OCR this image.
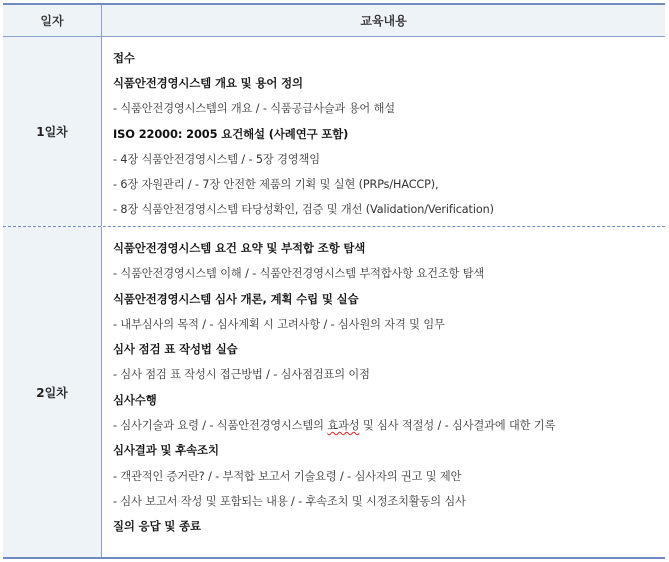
일자	교육내용
1일차
접수
식품안전경영시스템 개요 및 용어 정의
- 식품안전경영시스템의 개요 / - 식품공급사슬과 용어 해설
ISO 22000: 2005 요건해설 (사례연구 포함)
- 4장 식품안전경영시스템 / - 5장 경영책임
- 6장 자원관리 / - 7장 안전한 제품의 기획 및 실현 (PRPs/HACCP),
- 8장 식품안전경영시스템 타당성확인, 검증 및 개선 (Validation/Verification)
2일차
식품안전경영시스템 요건 요약 및 부적합 조항 탐색
- 식품안전경영시스템 이해 / - 식품안전경영시스템 부적합사항 요건조항 탐색
식품안전경영시스템 심사 개론, 계획 수립 및 실습
- 내부심사의 목적 / - 심사계획 시 고려사항 / - 심사원의 자격 및 임무
심사 점검 표 작성법 실습
- 심사 점검 표 작성시 접근방법 / - 심사점검표의 이점
심사수행
- 심사기술과 요령 / - 식품안전경영시스템의 효과성 및 심사 적절성 / - 심사결과에 대한 기록
심사결과 및 후속조치
- 객관적인 증거란? / - 부적합 보고서 기술요령 / - 심사자의 권고 및 제안
- 심사 보고서 작성 및 포함되는 내용 / - 후속조치 및 시정조치활동의 심사
질의 응답 및 종료
